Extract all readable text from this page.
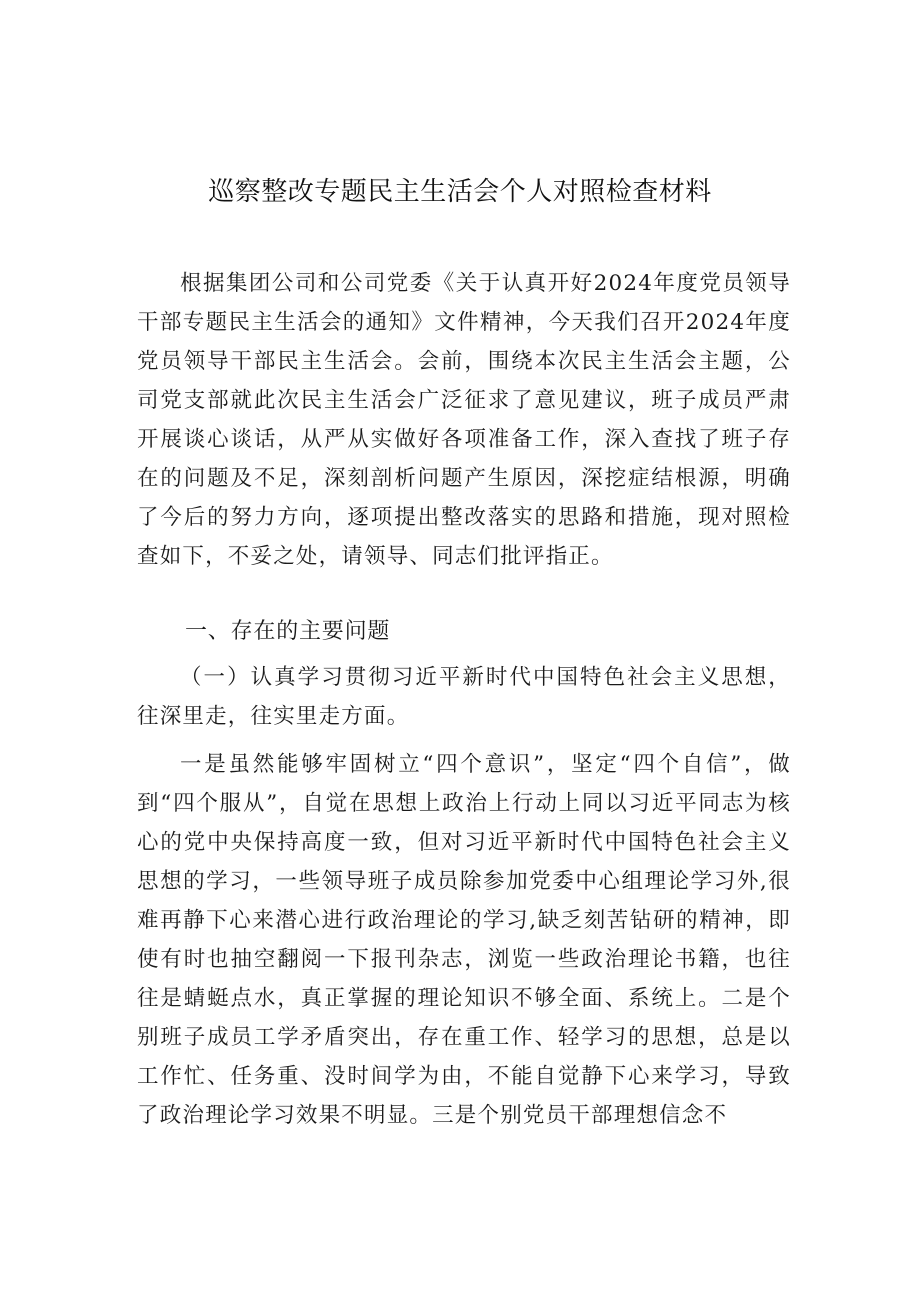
巡察整改专题民主生活会个人对照检查材料

根据集团公司和公司党委《关于认真开好2024年度党员领导干部专题民主生活会的通知》文件精神，今天我们召开2024年度党员领导干部民主生活会。会前，围绕本次民主生活会主题，公司党支部就此次民主生活会广泛征求了意见建议，班子成员严肃开展谈心谈话，从严从实做好各项准备工作，深入查找了班子存在的问题及不足，深刻剖析问题产生原因，深挖症结根源，明确了今后的努力方向，逐项提出整改落实的思路和措施，现对照检查如下，不妥之处，请领导、同志们批评指正。

一、存在的主要问题

（一）认真学习贯彻习近平新时代中国特色社会主义思想，往深里走，往实里走方面。

一是虽然能够牢固树立“四个意识”，坚定“四个自信”，做到“四个服从”，自觉在思想上政治上行动上同以习近平同志为核心的党中央保持高度一致，但对习近平新时代中国特色社会主义思想的学习，一些领导班子成员除参加党委中心组理论学习外,很难再静下心来潜心进行政治理论的学习,缺乏刻苦钻研的精神，即使有时也抽空翻阅一下报刊杂志，浏览一些政治理论书籍，也往往是蜻蜓点水，真正掌握的理论知识不够全面、系统上。二是个别班子成员工学矛盾突出，存在重工作、轻学习的思想，总是以工作忙、任务重、没时间学为由，不能自觉静下心来学习，导致了政治理论学习效果不明显。三是个别党员干部理想信念不
